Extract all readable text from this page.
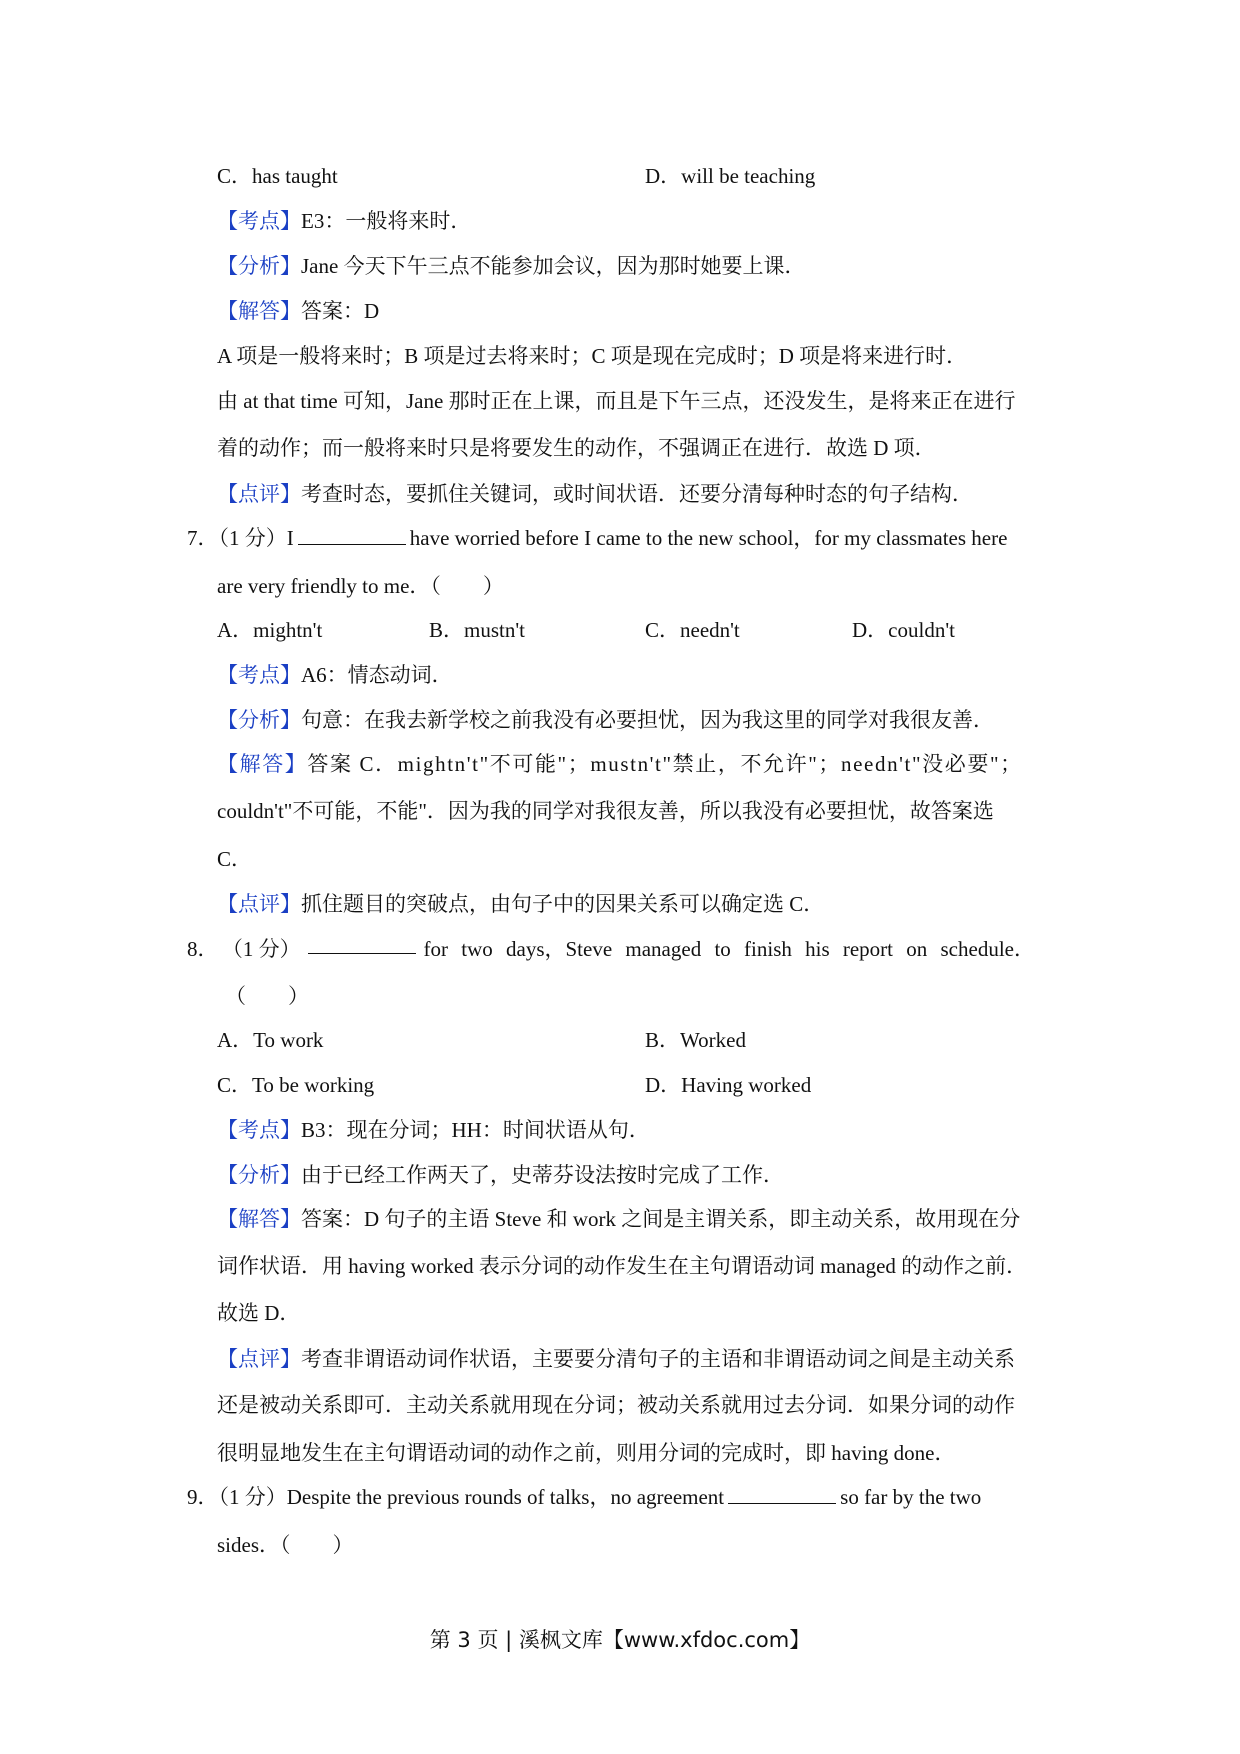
C．has taught	D．will be teaching
【考点】E3：一般将来时．
【分析】Jane 今天下午三点不能参加会议，因为那时她要上课．
【解答】答案：D
A 项是一般将来时；B 项是过去将来时；C 项是现在完成时；D 项是将来进行时．
由 at that time 可知，Jane 那时正在上课，而且是下午三点，还没发生，是将来正在进行
着的动作；而一般将来时只是将要发生的动作，不强调正在进行．故选 D 项．
【点评】考查时态，要抓住关键词，或时间状语．还要分清每种时态的句子结构．
7．（1 分）I	have worried before I came to the new school，for my classmates here
are very friendly to me．（　　）
A．mightn't	B．mustn't	C．needn't	D．couldn't
【考点】A6：情态动词．
【分析】句意：在我去新学校之前我没有必要担忧，因为我这里的同学对我很友善．
【解答】答案 C．mightn't"不可能"；mustn't"禁止，不允许"；needn't"没必要"；
couldn't"不可能，不能"．因为我的同学对我很友善，所以我没有必要担忧，故答案选
C．
【点评】抓住题目的突破点，由句子中的因果关系可以确定选 C．
8． （1 分）	for two days，Steve managed to finish his report on schedule．
（　　）
A．To work	B．Worked
C．To be working	D．Having worked
【考点】B3：现在分词；HH：时间状语从句．
【分析】由于已经工作两天了，史蒂芬设法按时完成了工作．
【解答】答案：D 句子的主语 Steve 和 work 之间是主谓关系，即主动关系，故用现在分
词作状语．用 having worked 表示分词的动作发生在主句谓语动词 managed 的动作之前．
故选 D．
【点评】考查非谓语动词作状语，主要要分清句子的主语和非谓语动词之间是主动关系
还是被动关系即可．主动关系就用现在分词；被动关系就用过去分词．如果分词的动作
很明显地发生在主句谓语动词的动作之前，则用分词的完成时，即 having done．
9．（1 分）Despite the previous rounds of talks，no agreement	so far by the two
sides．（　　）
第 3 页 | 溪枫文库【www.xfdoc.com】
